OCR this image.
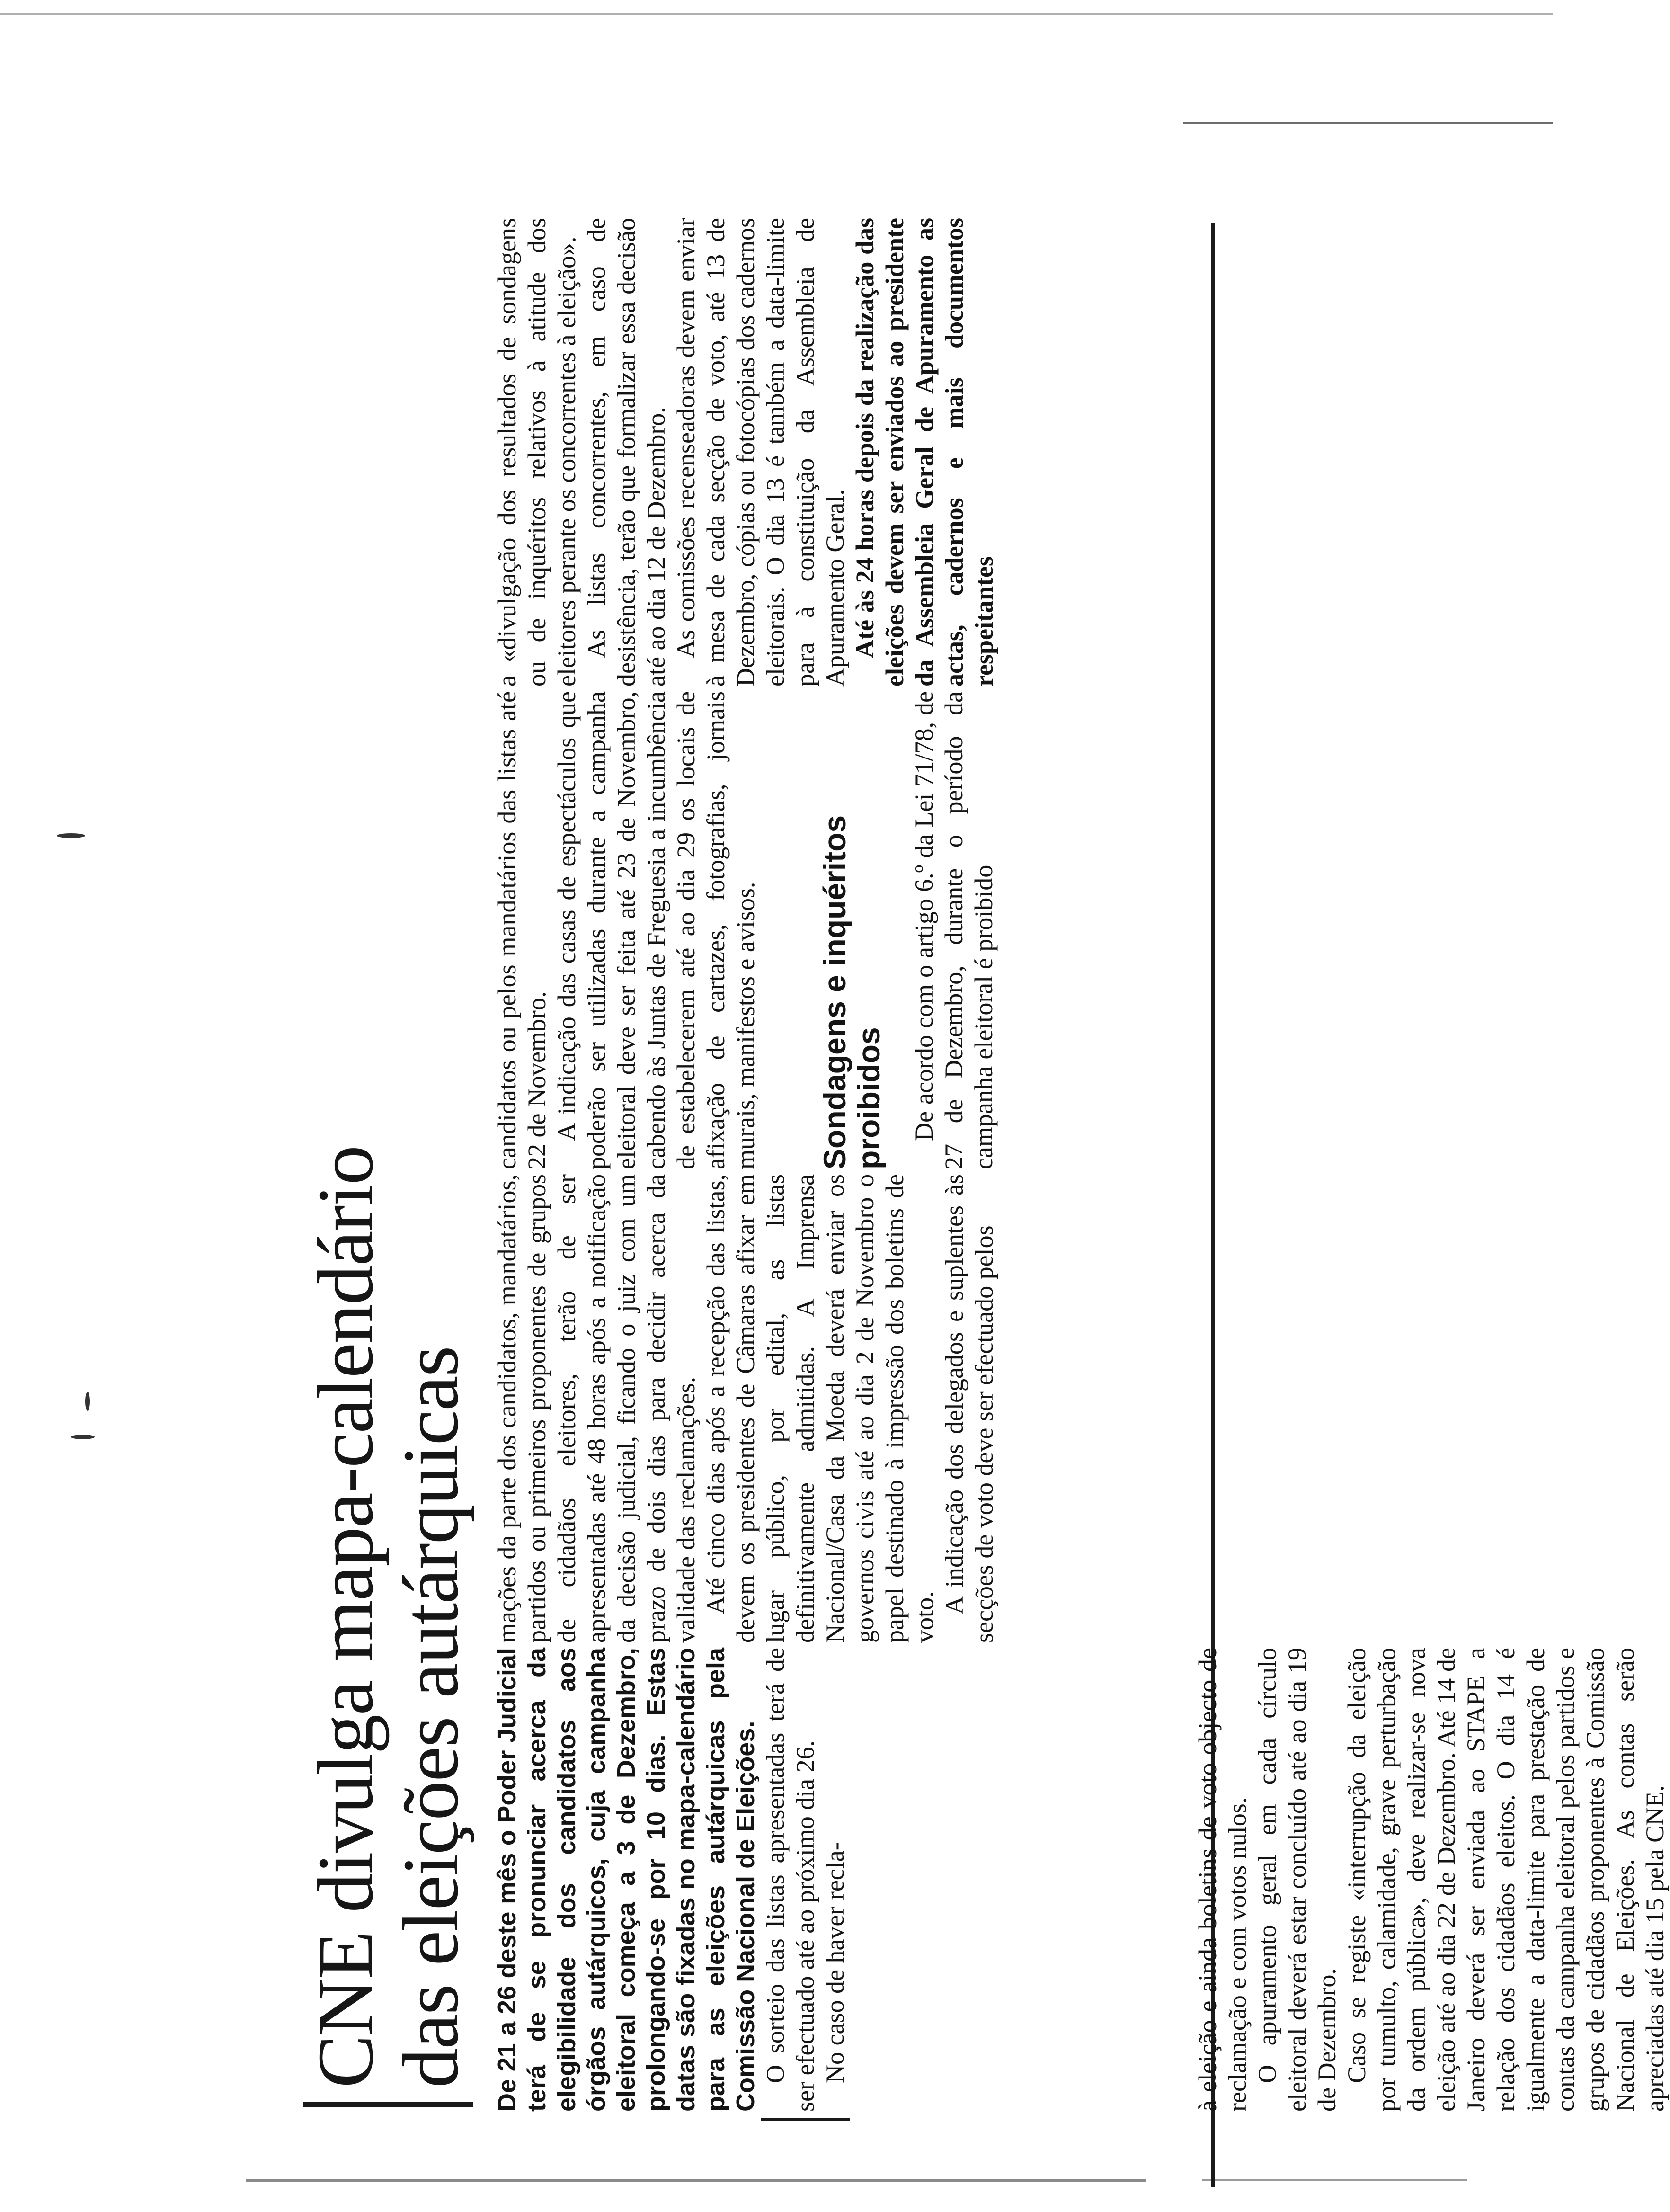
CNE divulga mapa-calendário
das eleições autárquicas De 21 a 26 deste mês o Poder Judicial terá de se pronunciar acerca da elegibilidade dos candidatos aos órgãos autárquicos, cuja campanha eleitoral começa a 3 de Dezembro, prolongando-se por 10 dias. Estas datas são fixadas no mapa-calendário para as eleições autárquicas pela Comissão Nacional de Eleições. O sorteio das listas apresentadas terá de ser efectuado até ao próximo dia 26. No caso de haver recla-

mações da parte dos candidatos, mandatários, partidos ou primeiros proponentes de grupos de cidadãos eleitores, terão de ser apresentadas até 48 horas após a notificação da decisão judicial, ficando o juiz com um prazo de dois dias para decidir acerca da validade das reclamações. Até cinco dias após a recepção das listas, devem os presidentes de Câmaras afixar em lugar público, por edital, as listas definitivamente admitidas. A Imprensa Nacional/Casa da Moeda deverá enviar os governos civis até ao dia 2 de Novembro o papel destinado à impressão dos boletins de voto.

A indicação dos delegados e suplentes às secções de voto deve ser efectuado pelos

candidatos ou pelos mandatários das listas até 22 de Novembro. A indicação das casas de espectáculos que poderão ser utilizadas durante a campanha eleitoral deve ser feita até 23 de Novembro, cabendo às Juntas de Freguesia a incumbência de estabelecerem até ao dia 29 os locais de afixação de cartazes, fotografias, jornais murais, manifestos e avisos. Sondagens e inquéritos proibidos De acordo com o artigo 6.º da Lei 71/78, de 27 de Dezembro, durante o período da campanha eleitoral é proibido

a «divulgação dos resultados de sondagens ou de inquéritos relativos à atitude dos eleitores perante os concorrentes à eleição». As listas concorrentes, em caso de desistência, terão que formalizar essa decisão até ao dia 12 de Dezembro. As comissões recenseadoras devem enviar à mesa de cada secção de voto, até 13 de Dezembro, cópias ou fotocópias dos cadernos eleitorais. O dia 13 é também a data-limite para à constituição da Assembleia de Apuramento Geral. Até às 24 horas depois da realização das eleições devem ser enviados ao presidente da Assembleia Geral de Apuramento as actas, cadernos e mais documentos respeitantes

à eleição e ainda boletins de voto objecto de reclamação e com votos nulos. O apuramento geral em cada círculo eleitoral deverá estar concluído até ao dia 19 de Dezembro. Caso se registe «interrupção da eleição por tumulto, calamidade, grave perturbação da ordem pública», deve realizar-se nova eleição até ao dia 22 de Dezembro. Até 14 de Janeiro deverá ser enviada ao STAPE a relação dos cidadãos eleitos. O dia 14 é igualmente a data-limite para prestação de contas da campanha eleitoral pelos partidos e grupos de cidadãos proponentes à Comissão Nacional de Eleições. As contas serão apreciadas até dia 15 pela CNE.
